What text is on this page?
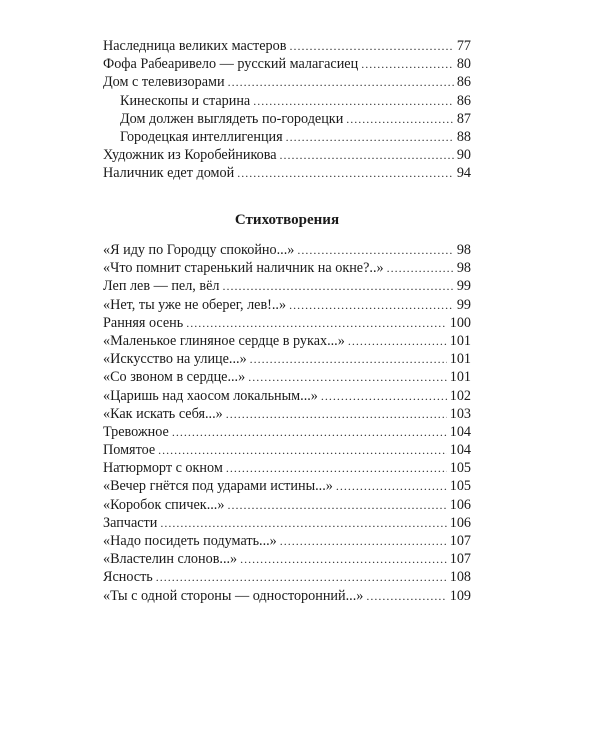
Наследница великих мастеров . . .	77
Фофа Рабеаривело — русский малагасиец . . .	80
Дом с телевизорами . . .	86
Кинескопы и старина . . .	86
Дом должен выглядеть по-городецки . . .	87
Городецкая интеллигенция . . .	88
Художник из Коробейникова . . .	90
Наличник едет домой . . .	94
Стихотворения
«Я иду по Городцу спокойно...» . . .	98
«Что помнит старенький наличник на окне?..» . . .	98
Леп лев — пел, вёл . . .	99
«Нет, ты уже не оберег, лев!..» . . .	99
Ранняя осень . . .	100
«Маленькое глиняное сердце в руках...» . . .	101
«Искусство на улице...» . . .	101
«Со звоном в сердце...» . . .	101
«Царишь над хаосом локальным...» . . .	102
«Как искать себя...» . . .	103
Тревожное . . .	104
Помятое . . .	104
Натюрморт с окном . . .	105
«Вечер гнётся под ударами истины...» . . .	105
«Коробок спичек...» . . .	106
Запчасти . . .	106
«Надо посидеть подумать...» . . .	107
«Властелин слонов...» . . .	107
Ясность . . .	108
«Ты с одной стороны — односторонний...» . . .	109
